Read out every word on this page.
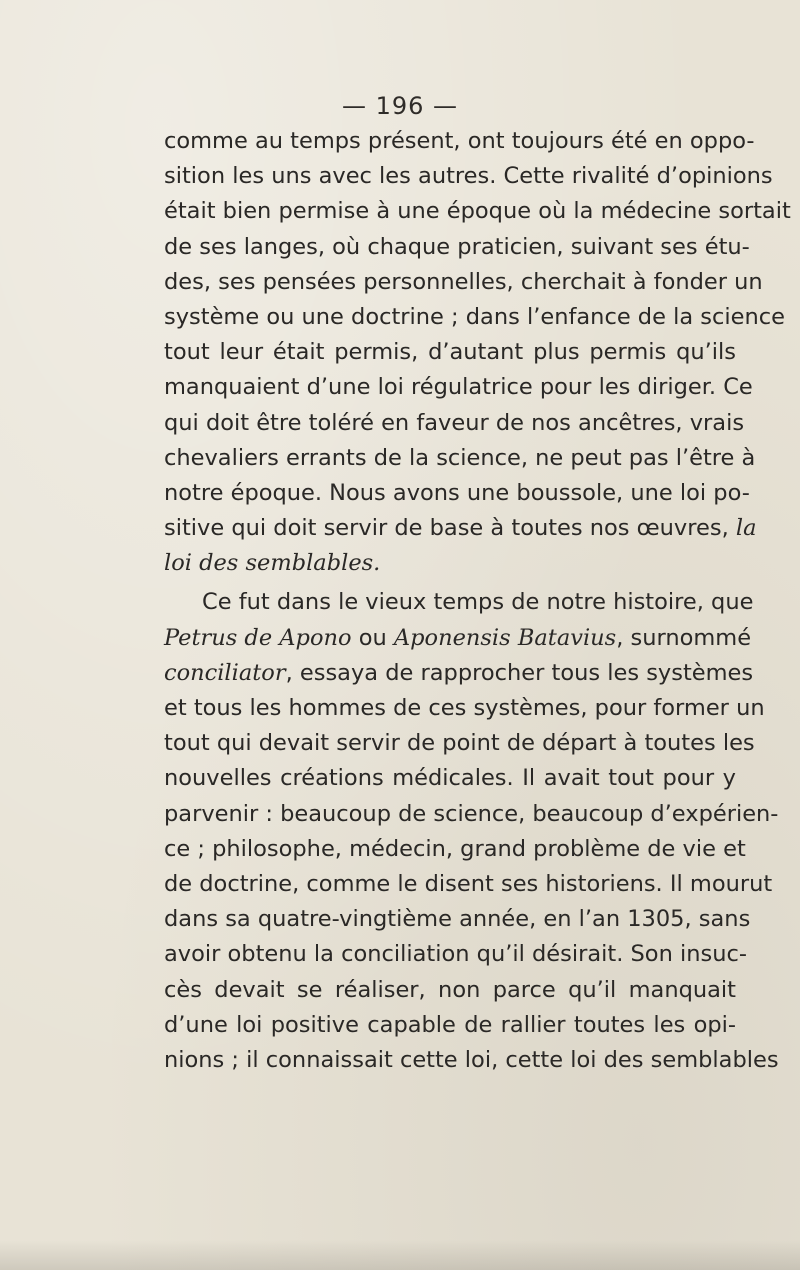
— 196 —
comme au temps présent, ont toujours été en oppo-
sition les uns avec les autres. Cette rivalité d’opinions
était bien permise à une époque où la médecine sortait
de ses langes, où chaque praticien, suivant ses étu-
des, ses pensées personnelles, cherchait à fonder un
système ou une doctrine ; dans l’enfance de la science
tout leur était permis, d’autant plus permis qu’ils
manquaient d’une loi régulatrice pour les diriger. Ce
qui doit être toléré en faveur de nos ancêtres, vrais
chevaliers errants de la science, ne peut pas l’être à
notre époque. Nous avons une boussole, une loi po-
sitive qui doit servir de base à toutes nos œuvres, la
loi des semblables.
Ce fut dans le vieux temps de notre histoire, que
Petrus de Apono ou Aponensis Batavius, surnommé
conciliator, essaya de rapprocher tous les systèmes
et tous les hommes de ces systèmes, pour former un
tout qui devait servir de point de départ à toutes les
nouvelles créations médicales. Il avait tout pour y
parvenir : beaucoup de science, beaucoup d’expérien-
ce ; philosophe, médecin, grand problème de vie et
de doctrine, comme le disent ses historiens. Il mourut
dans sa quatre-vingtième année, en l’an 1305, sans
avoir obtenu la conciliation qu’il désirait. Son insuc-
cès devait se réaliser, non parce qu’il manquait
d’une loi positive capable de rallier toutes les opi-
nions ; il connaissait cette loi, cette loi des semblables
